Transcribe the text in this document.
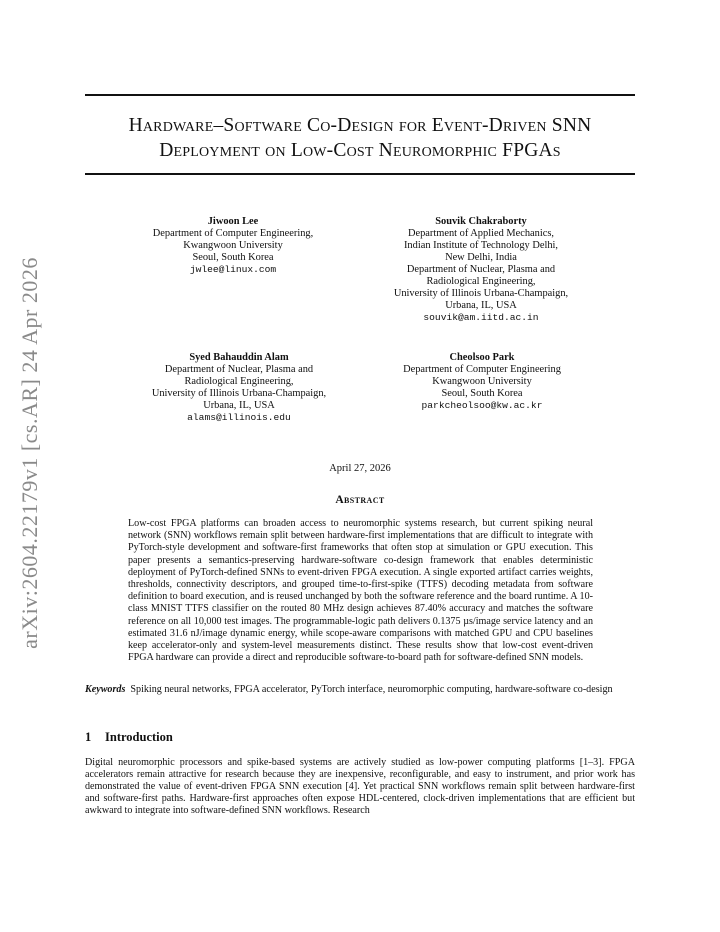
arXiv:2604.22179v1 [cs.AR] 24 Apr 2026
Hardware–Software Co-Design for Event-Driven SNN
Deployment on Low-Cost Neuromorphic FPGAs
Jiwoon Lee
Department of Computer Engineering,
Kwangwoon University
Seoul, South Korea
jwlee@linux.com
Souvik Chakraborty
Department of Applied Mechanics,
Indian Institute of Technology Delhi,
New Delhi, India
Department of Nuclear, Plasma and
Radiological Engineering,
University of Illinois Urbana-Champaign,
Urbana, IL, USA
souvik@am.iitd.ac.in
Syed Bahauddin Alam
Department of Nuclear, Plasma and
Radiological Engineering,
University of Illinois Urbana-Champaign,
Urbana, IL, USA
alams@illinois.edu
Cheolsoo Park
Department of Computer Engineering
Kwangwoon University
Seoul, South Korea
parkcheolsoo@kw.ac.kr
April 27, 2026
Abstract
Low-cost FPGA platforms can broaden access to neuromorphic systems research, but current spiking neural network (SNN) workflows remain split between hardware-first implementations that are difficult to integrate with PyTorch-style development and software-first frameworks that often stop at simulation or GPU execution. This paper presents a semantics-preserving hardware-software co-design framework that enables deterministic deployment of PyTorch-defined SNNs to event-driven FPGA execution. A single exported artifact carries weights, thresholds, connectivity descriptors, and grouped time-to-first-spike (TTFS) decoding metadata from software definition to board execution, and is reused unchanged by both the software reference and the board runtime. A 10-class MNIST TTFS classifier on the routed 80 MHz design achieves 87.40% accuracy and matches the software reference on all 10,000 test images. The programmable-logic path delivers 0.1375 µs/image service latency and an estimated 31.6 nJ/image dynamic energy, while scope-aware comparisons with matched GPU and CPU baselines keep accelerator-only and system-level measurements distinct. These results show that low-cost event-driven FPGA hardware can provide a direct and reproducible software-to-board path for software-defined SNN models.
Keywords Spiking neural networks, FPGA accelerator, PyTorch interface, neuromorphic computing, hardware-software co-design
1 Introduction
Digital neuromorphic processors and spike-based systems are actively studied as low-power computing platforms [1–3]. FPGA accelerators remain attractive for research because they are inexpensive, reconfigurable, and easy to instrument, and prior work has demonstrated the value of event-driven FPGA SNN execution [4]. Yet practical SNN workflows remain split between hardware-first and software-first paths. Hardware-first approaches often expose HDL-centered, clock-driven implementations that are efficient but awkward to integrate into software-defined SNN workflows. Research
